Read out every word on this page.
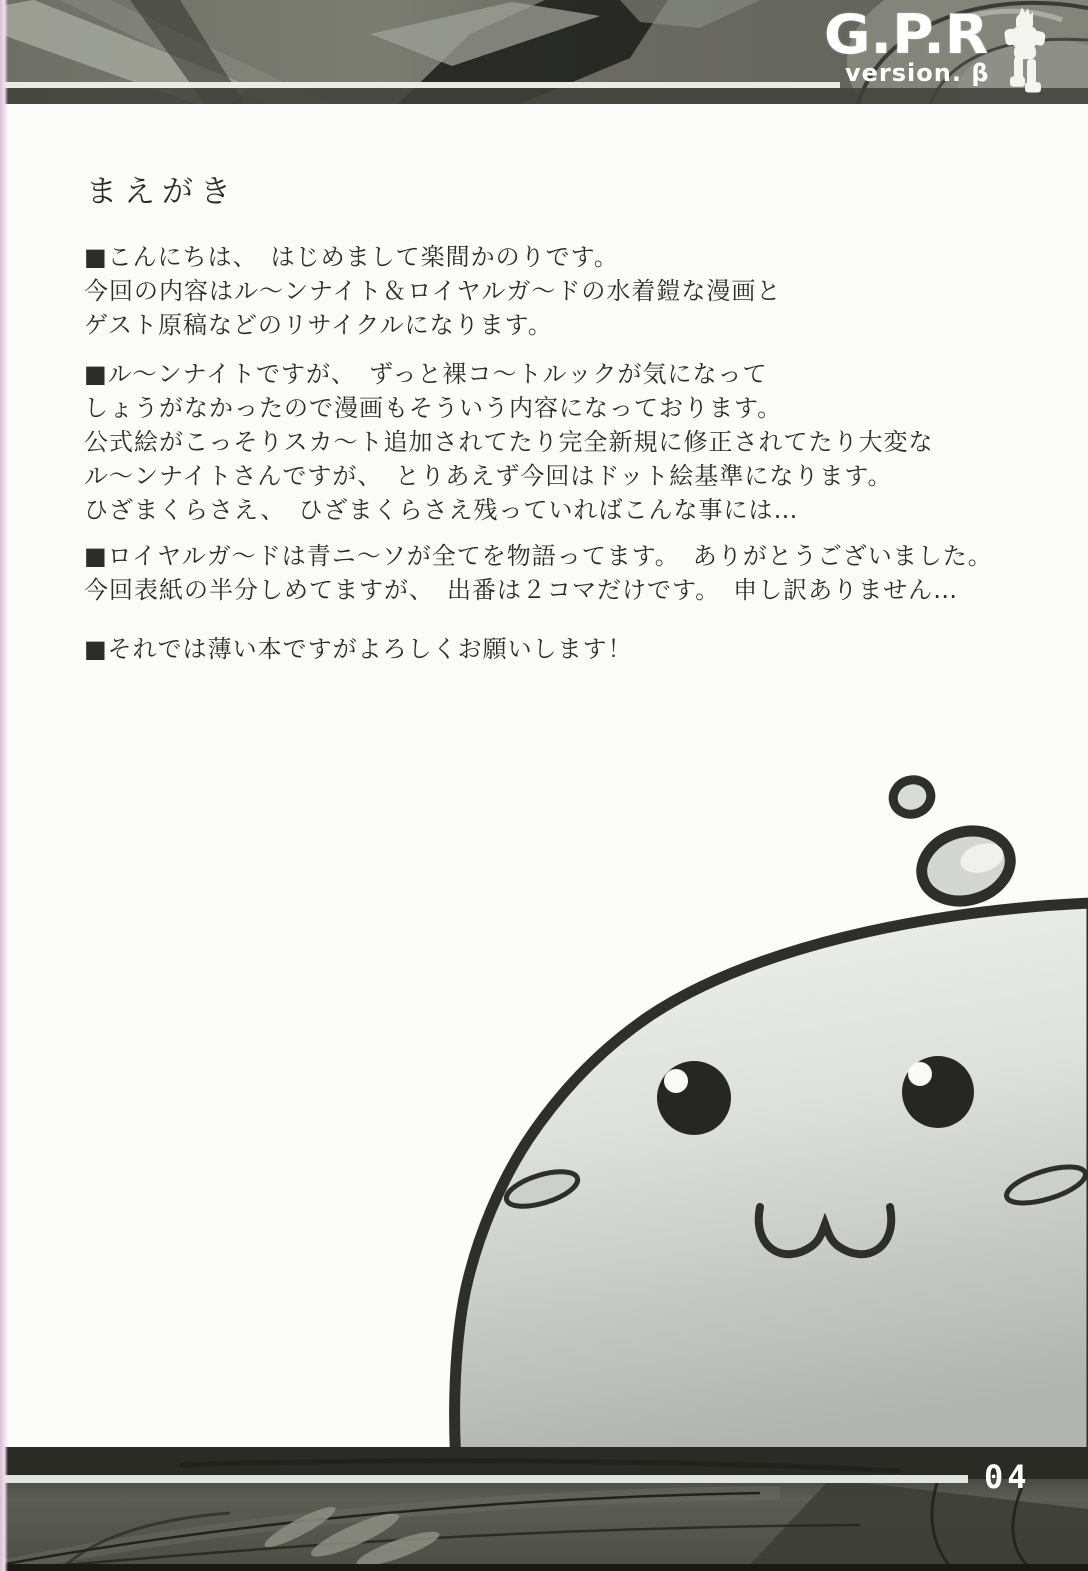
G.P.R
version. β
まえがき
■こんにちは、　はじめまして楽間かのりです。
今回の内容はル～ンナイト＆ロイヤルガ～ドの水着鎧な漫画と
ゲスト原稿などのリサイクルになります。
■ル～ンナイトですが、　ずっと裸コ～トルックが気になって
しょうがなかったので漫画もそういう内容になっております。
公式絵がこっそりスカ～ト追加されてたり完全新規に修正されてたり大変な
ル～ンナイトさんですが、　とりあえず今回はドット絵基準になります。
ひざまくらさえ、　ひざまくらさえ残っていればこんな事には…
■ロイヤルガ～ドは青ニ～ソが全てを物語ってます。　ありがとうございました。
今回表紙の半分しめてますが、　出番は２コマだけです。　申し訳ありません…
■それでは薄い本ですがよろしくお願いします！
04
